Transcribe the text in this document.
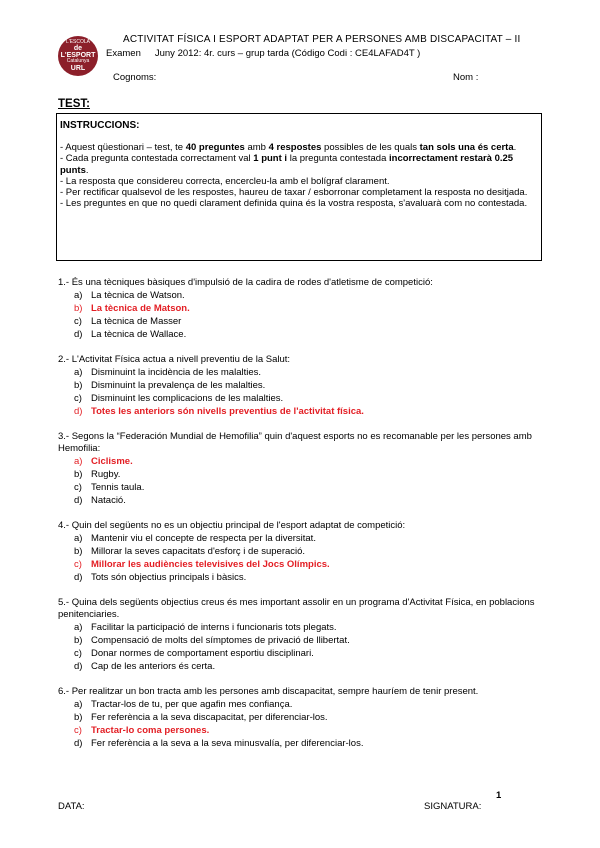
L'ESCOLA
de L'ESPORT
Catalunya
URL
ACTIVITAT FÍSICA I ESPORT ADAPTAT PER A PERSONES AMB DISCAPACITAT – II
Examen Juny 2012: 4r. curs – grup tarda (Código Codi : CE4LAFAD4T )
Cognoms:	Nom :
TEST:
INSTRUCCIONS:
- Aquest qüestionari – test, te 40 preguntes amb 4 respostes possibles de les quals tan sols una és certa.
- Cada pregunta contestada correctament val 1 punt i la pregunta contestada incorrectament restarà 0.25 punts.
- La resposta que considereu correcta, encercleu-la amb el bolígraf clarament.
- Per rectificar qualsevol de les respostes, haureu de taxar / esborronar completament la resposta no desitjada.
- Les preguntes en que no quedi clarament definida quina és la vostra resposta, s'avaluarà com no contestada.
1.- És una tècniques bàsiques d'impulsió de la cadira de rodes d'atletisme de competició:
a) La tècnica de Watson.
b) La tècnica de Matson.
c) La tècnica de Masser
d) La tècnica de Wallace.
2.- L'Activitat Física actua a nivell preventiu de la Salut:
a) Disminuint la incidència de les malalties.
b) Disminuint la prevalença de les malalties.
c) Disminuint les complicacions de les malalties.
d) Totes les anteriors són nivells preventius de l'activitat física.
3.- Segons la “Federación Mundial de Hemofilia” quin d'aquest esports no es recomanable per les persones amb Hemofilia:
a) Ciclisme.
b) Rugby.
c) Tennis taula.
d) Natació.
4.- Quin del següents no es un objectiu principal de l'esport adaptat de competició:
a) Mantenir viu el concepte de respecta per la diversitat.
b) Millorar la seves capacitats d'esforç i de superació.
c) Millorar les audiències televisives del Jocs Olímpics.
d) Tots són objectius principals i bàsics.
5.- Quina dels següents objectius creus és mes important assolir en un programa d'Activitat Física, en poblacions penitenciaries.
a) Facilitar la participació de interns i funcionaris tots plegats.
b) Compensació de molts del símptomes de privació de llibertat.
c) Donar normes de comportament esportiu disciplinari.
d) Cap de les anteriors és certa.
6.- Per realitzar un bon tracta amb les persones amb discapacitat, sempre hauríem de tenir present.
a) Tractar-los de tu, per que agafin mes confiança.
b) Fer referència a la seva discapacitat, per diferenciar-los.
c) Tractar-lo coma persones.
d) Fer referència a la seva a la seva minusvalía, per diferenciar-los.
1
DATA:	SIGNATURA:
